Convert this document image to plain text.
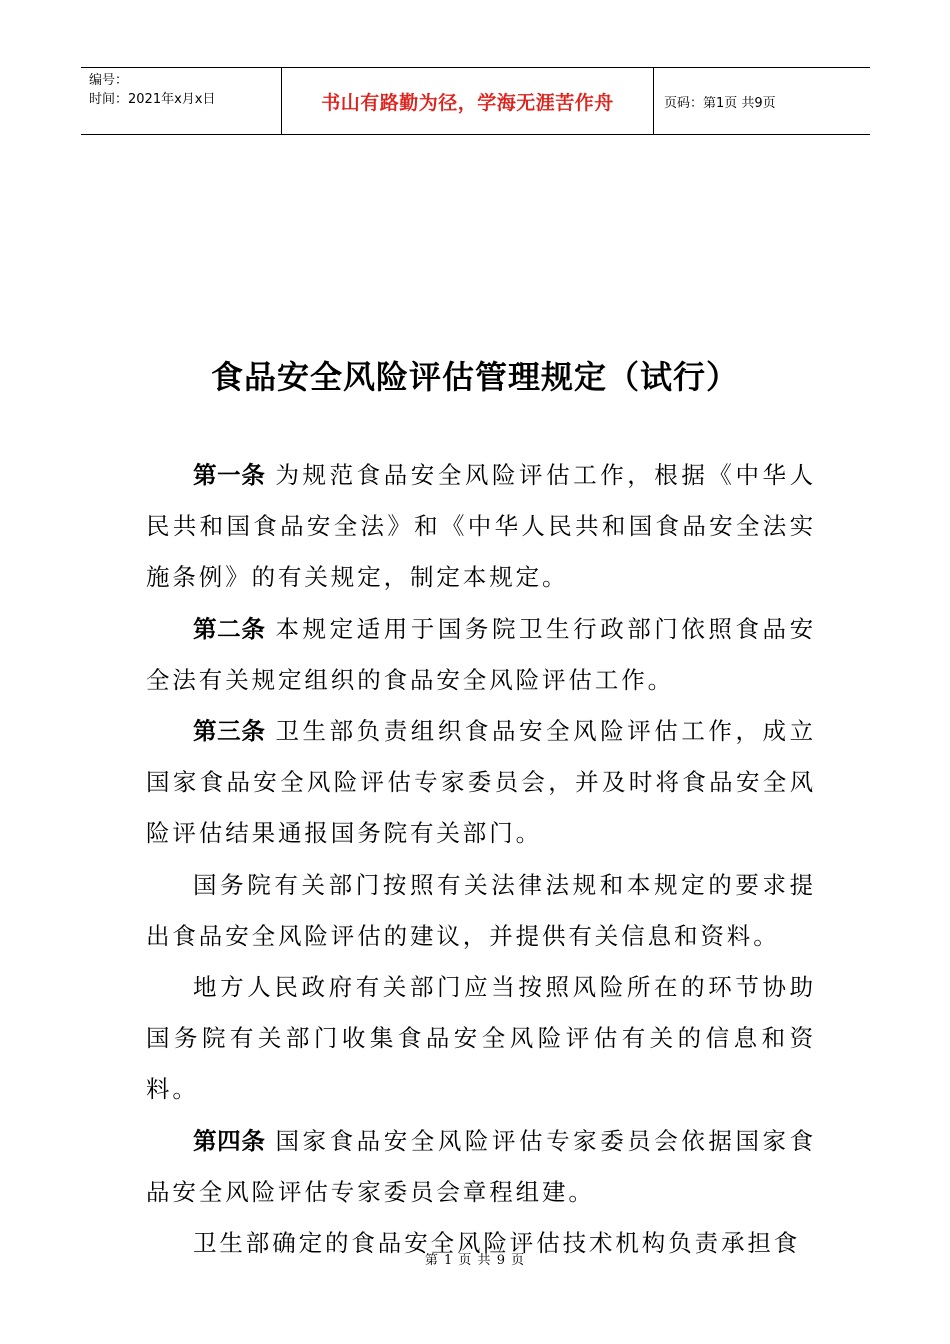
编号：
时间：2021年x月x日	书山有路勤为径，学海无涯苦作舟	页码：第1页 共9页
食品安全风险评估管理规定（试行）

第一条 为规范食品安全风险评估工作，根据《中华人民共和国食品安全法》和《中华人民共和国食品安全法实施条例》的有关规定，制定本规定。

第二条 本规定适用于国务院卫生行政部门依照食品安全法有关规定组织的食品安全风险评估工作。

第三条 卫生部负责组织食品安全风险评估工作，成立国家食品安全风险评估专家委员会，并及时将食品安全风险评估结果通报国务院有关部门。

国务院有关部门按照有关法律法规和本规定的要求提出食品安全风险评估的建议，并提供有关信息和资料。

地方人民政府有关部门应当按照风险所在的环节协助国务院有关部门收集食品安全风险评估有关的信息和资料。

第四条 国家食品安全风险评估专家委员会依据国家食品安全风险评估专家委员会章程组建。

卫生部确定的食品安全风险评估技术机构负责承担食

第 1 页 共 9 页
